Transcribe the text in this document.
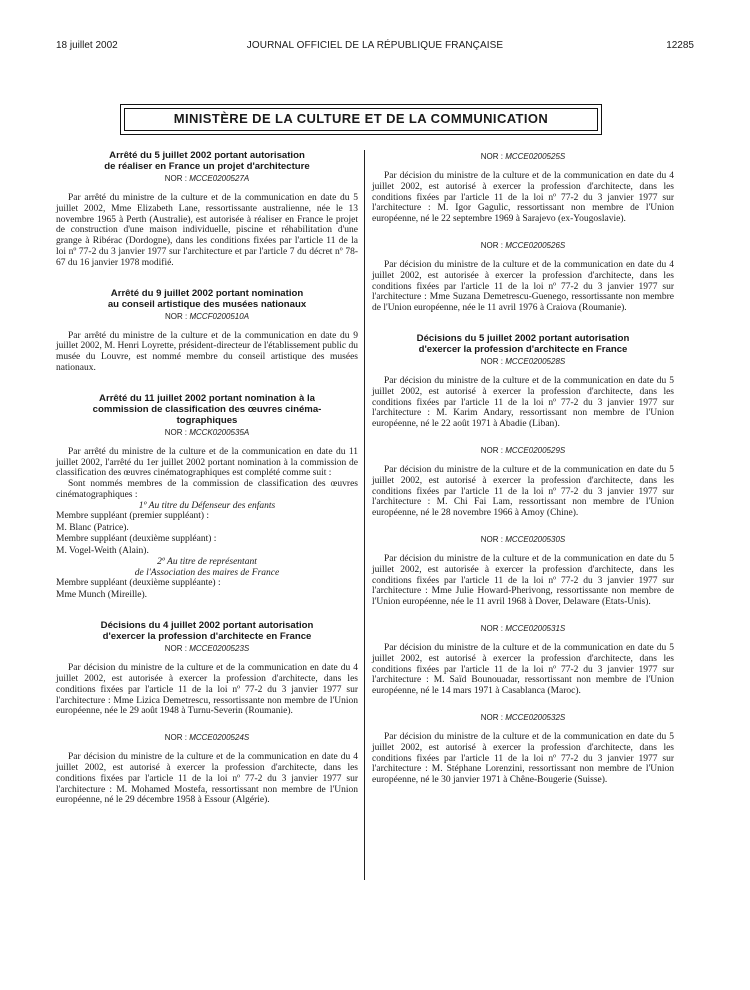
18 juillet 2002	JOURNAL OFFICIEL DE LA RÉPUBLIQUE FRANÇAISE	12285
MINISTÈRE DE LA CULTURE ET DE LA COMMUNICATION
Arrêté du 5 juillet 2002 portant autorisation
de réaliser en France un projet d'architecture
NOR : MCCE0200527A

Par arrêté du ministre de la culture et de la communication en date du 5 juillet 2002, Mme Elizabeth Lane, ressortissante australienne, née le 13 novembre 1965 à Perth (Australie), est autorisée à réaliser en France le projet de construction d'une maison individuelle, piscine et réhabilitation d'une grange à Ribérac (Dordogne), dans les conditions fixées par l'article 11 de la loi nº 77-2 du 3 janvier 1977 sur l'architecture et par l'article 7 du décret nº 78-67 du 16 janvier 1978 modifié.

Arrêté du 9 juillet 2002 portant nomination
au conseil artistique des musées nationaux
NOR : MCCF0200510A

Par arrêté du ministre de la culture et de la communication en date du 9 juillet 2002, M. Henri Loyrette, président-directeur de l'établissement public du musée du Louvre, est nommé membre du conseil artistique des musées nationaux.

Arrêté du 11 juillet 2002 portant nomination à la
commission de classification des œuvres cinéma-
tographiques
NOR : MCCK0200535A

Par arrêté du ministre de la culture et de la communication en date du 11 juillet 2002, l'arrêté du 1er juillet 2002 portant nomination à la commission de classification des œuvres cinématographiques est complété comme suit :

Sont nommés membres de la commission de classification des œuvres cinématographiques :

1º Au titre du Défenseur des enfants

Membre suppléant (premier suppléant) :

M. Blanc (Patrice).

Membre suppléant (deuxième suppléant) :

M. Vogel-Weith (Alain).

2º Au titre de représentant

de l'Association des maires de France

Membre suppléant (deuxième suppléante) :

Mme Munch (Mireille).

Décisions du 4 juillet 2002 portant autorisation
d'exercer la profession d'architecte en France
NOR : MCCE0200523S

Par décision du ministre de la culture et de la communication en date du 4 juillet 2002, est autorisée à exercer la profession d'architecte, dans les conditions fixées par l'article 11 de la loi nº 77-2 du 3 janvier 1977 sur l'architecture : Mme Lizica Demetrescu, ressortissante non membre de l'Union européenne, née le 29 août 1948 à Turnu-Severin (Roumanie).

NOR : MCCE0200524S

Par décision du ministre de la culture et de la communication en date du 4 juillet 2002, est autorisé à exercer la profession d'architecte, dans les conditions fixées par l'article 11 de la loi nº 77-2 du 3 janvier 1977 sur l'architecture : M. Mohamed Mostefa, ressortissant non membre de l'Union européenne, né le 29 décembre 1958 à Essour (Algérie).

NOR : MCCE0200525S

Par décision du ministre de la culture et de la communication en date du 4 juillet 2002, est autorisé à exercer la profession d'architecte, dans les conditions fixées par l'article 11 de la loi nº 77-2 du 3 janvier 1977 sur l'architecture : M. Igor Gagulic, ressortissant non membre de l'Union européenne, né le 22 septembre 1969 à Sarajevo (ex-Yougoslavie).

NOR : MCCE0200526S

Par décision du ministre de la culture et de la communication en date du 4 juillet 2002, est autorisée à exercer la profession d'architecte, dans les conditions fixées par l'article 11 de la loi nº 77-2 du 3 janvier 1977 sur l'architecture : Mme Suzana Demetrescu-Guenego, ressortissante non membre de l'Union européenne, née le 11 avril 1976 à Craiova (Roumanie).

Décisions du 5 juillet 2002 portant autorisation
d'exercer la profession d'architecte en France
NOR : MCCE0200528S

Par décision du ministre de la culture et de la communication en date du 5 juillet 2002, est autorisé à exercer la profession d'architecte, dans les conditions fixées par l'article 11 de la loi nº 77-2 du 3 janvier 1977 sur l'architecture : M. Karim Andary, ressortissant non membre de l'Union européenne, né le 22 août 1971 à Abadie (Liban).

NOR : MCCE0200529S

Par décision du ministre de la culture et de la communication en date du 5 juillet 2002, est autorisé à exercer la profession d'architecte, dans les conditions fixées par l'article 11 de la loi nº 77-2 du 3 janvier 1977 sur l'architecture : M. Chi Fai Lam, ressortissant non membre de l'Union européenne, né le 28 novembre 1966 à Amoy (Chine).

NOR : MCCE0200530S

Par décision du ministre de la culture et de la communication en date du 5 juillet 2002, est autorisée à exercer la profession d'architecte, dans les conditions fixées par l'article 11 de la loi nº 77-2 du 3 janvier 1977 sur l'architecture : Mme Julie Howard-Pherivong, ressortissante non membre de l'Union européenne, née le 11 avril 1968 à Dover, Delaware (Etats-Unis).

NOR : MCCE0200531S

Par décision du ministre de la culture et de la communication en date du 5 juillet 2002, est autorisé à exercer la profession d'architecte, dans les conditions fixées par l'article 11 de la loi nº 77-2 du 3 janvier 1977 sur l'architecture : M. Saïd Bounouadar, ressortissant non membre de l'Union européenne, né le 14 mars 1971 à Casablanca (Maroc).

NOR : MCCE0200532S

Par décision du ministre de la culture et de la communication en date du 5 juillet 2002, est autorisé à exercer la profession d'architecte, dans les conditions fixées par l'article 11 de la loi nº 77-2 du 3 janvier 1977 sur l'architecture : M. Stéphane Lorenzini, ressortissant non membre de l'Union européenne, né le 30 janvier 1971 à Chêne-Bougerie (Suisse).
